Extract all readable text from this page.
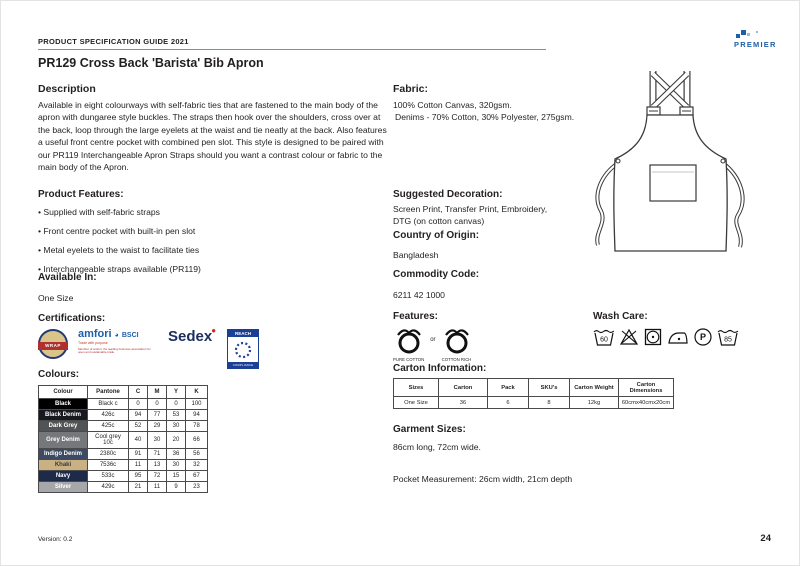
PRODUCT SPECIFICATION GUIDE 2021
PR129 Cross Back 'Barista' Bib Apron
PREMIER
Description
Available in eight colourways with self-fabric ties that are fastened to the main body of the apron with dungaree style buckles. The straps then hook over the shoulders, cross over at the back, loop through the large eyelets at the waist and tie neatly at the back. Also features a useful front centre pocket with combined pen slot. This style is designed to be paired with our PR119 Interchangeable Apron Straps should you want a contrast colour or fabric to the main body of the Apron.
Product Features:
• Supplied with self-fabric straps
• Front centre pocket with built-in pen slot
• Metal eyelets to the waist to facilitate ties
• Interchangeable straps available (PR119)
Available In:
One Size
Certifications:
WRAP
amfori ◕ BSCI
Trade with purpose
Member of amfori, the leading business association for open and sustainable trade
Sedex●	REACH
COMPLIANCE
Colours:
Colour	Pantone	C	M	Y	K
Black	Black c	0	0	0	100
Black Denim	426c	94	77	53	94
Dark Grey	425c	52	29	30	78
Grey Denim	Cool grey 10c	40	30	20	66
Indigo Denim	2380c	91	71	36	56
Khaki	7536c	11	13	30	32
Navy	533c	95	72	15	67
Silver	429c	21	11	9	23
Fabric:
100% Cotton Canvas, 320gsm.
Denims - 70% Cotton, 30% Polyester, 275gsm.
Suggested Decoration:
Screen Print, Transfer Print, Embroidery,
DTG (on cotton canvas)
Country of Origin:
Bangladesh
Commodity Code:
6211 42 1000
Features:
PURE COTTON
or
COTTON RICH
Wash Care:
60	P	85
Carton Information:
Sizes	Carton	Pack	SKU's	Carton Weight	Carton Dimensions
One Size	36	6	8	12kg	60cmx40cmx20cm
Garment Sizes:
86cm long, 72cm wide.
Pocket Measurement: 26cm width, 21cm depth
Version: 0.2	24
